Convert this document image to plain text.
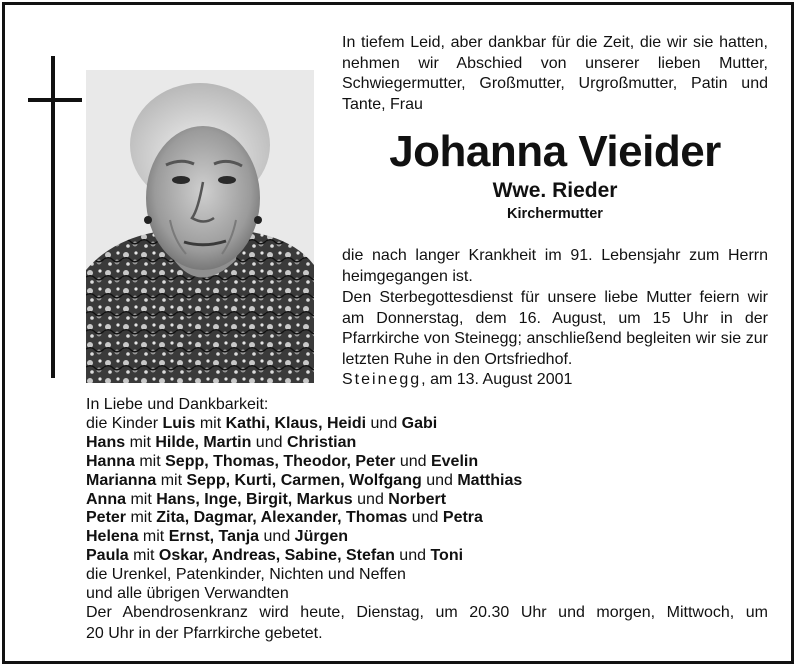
In tiefem Leid, aber dankbar für die Zeit, die wir sie hatten, nehmen wir Abschied von unserer lieben Mutter, Schwiegermutter, Großmutter, Urgroßmutter, Patin und Tante, Frau
Johanna Vieider
Wwe. Rieder
Kirchermutter
die nach langer Krankheit im 91. Lebensjahr zum Herrn heimgegangen ist.
Den Sterbegottesdienst für unsere liebe Mutter feiern wir am Donnerstag, dem 16. August, um 15 Uhr in der Pfarrkirche von Steinegg; anschließend begleiten wir sie zur letzten Ruhe in den Ortsfriedhof.
Steinegg, am 13. August 2001
In Liebe und Dankbarkeit:
die Kinder Luis mit Kathi, Klaus, Heidi und Gabi
Hans mit Hilde, Martin und Christian
Hanna mit Sepp, Thomas, Theodor, Peter und Evelin
Marianna mit Sepp, Kurti, Carmen, Wolfgang und Matthias
Anna mit Hans, Inge, Birgit, Markus und Norbert
Peter mit Zita, Dagmar, Alexander, Thomas und Petra
Helena mit Ernst, Tanja und Jürgen
Paula mit Oskar, Andreas, Sabine, Stefan und Toni
die Urenkel, Patenkinder, Nichten und Neffen
und alle übrigen Verwandten
Der Abendrosenkranz wird heute, Dienstag, um 20.30 Uhr und morgen, Mittwoch, um
20 Uhr in der Pfarrkirche gebetet.
